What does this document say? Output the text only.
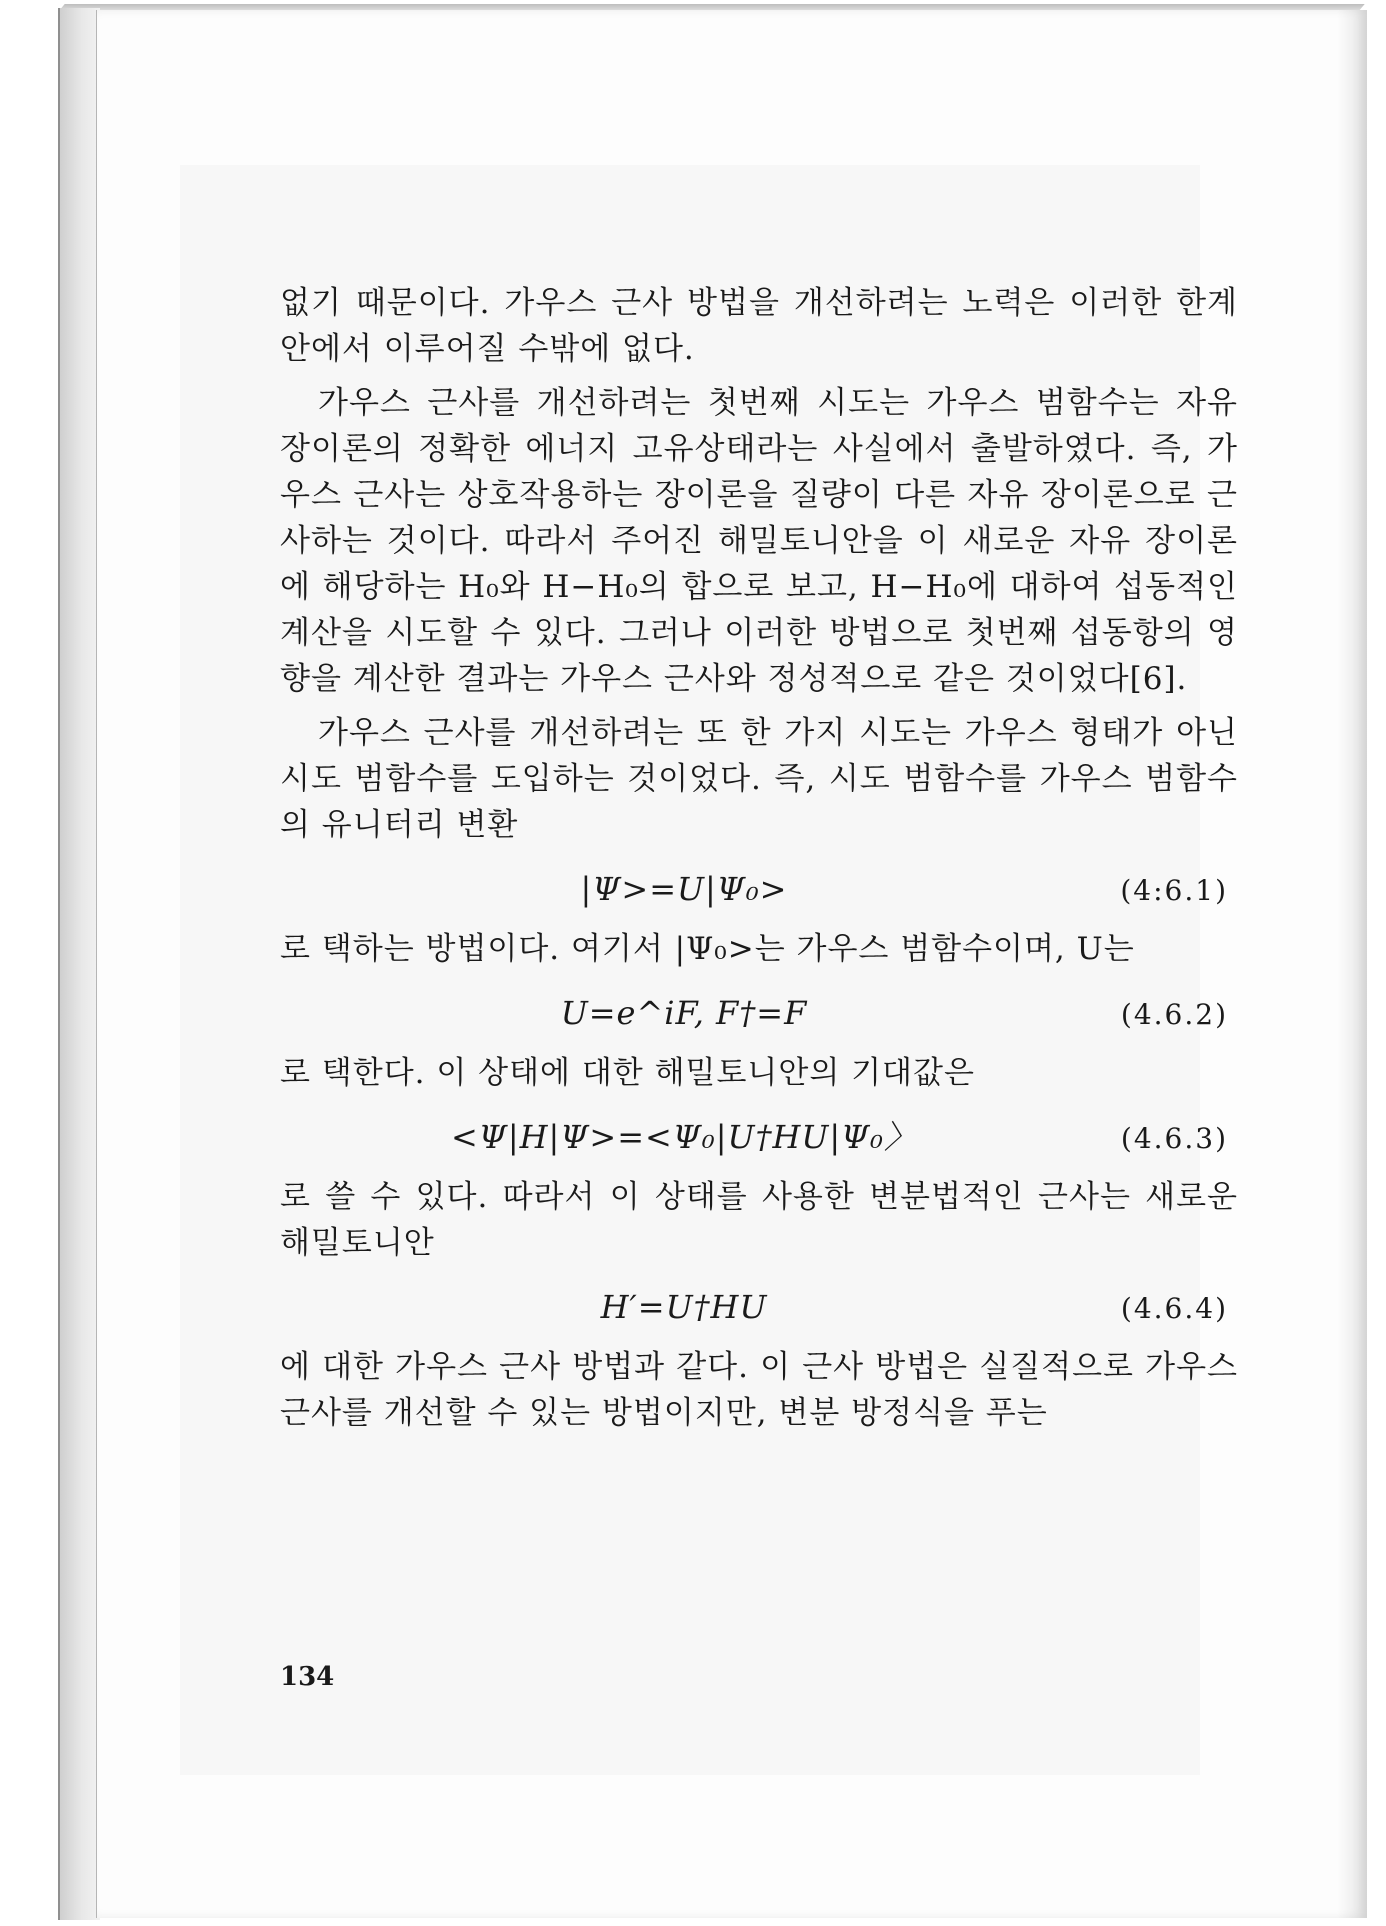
없기 때문이다. 가우스 근사 방법을 개선하려는 노력은 이러한 한계 안에서 이루어질 수밖에 없다.

가우스 근사를 개선하려는 첫번째 시도는 가우스 범함수는 자유 장이론의 정확한 에너지 고유상태라는 사실에서 출발하였다. 즉, 가우스 근사는 상호작용하는 장이론을 질량이 다른 자유 장이론으로 근사하는 것이다. 따라서 주어진 해밀토니안을 이 새로운 자유 장이론에 해당하는 H₀와 H−H₀의 합으로 보고, H−H₀에 대하여 섭동적인 계산을 시도할 수 있다. 그러나 이러한 방법으로 첫번째 섭동항의 영향을 계산한 결과는 가우스 근사와 정성적으로 같은 것이었다[6].

가우스 근사를 개선하려는 또 한 가지 시도는 가우스 형태가 아닌 시도 범함수를 도입하는 것이었다. 즉, 시도 범함수를 가우스 범함수의 유니터리 변환

|Ψ>=U|Ψ₀>	(4:6.1)

로 택하는 방법이다. 여기서 |Ψ₀>는 가우스 범함수이며, U는

U=e^iF, F†=F	(4.6.2)

로 택한다. 이 상태에 대한 해밀토니안의 기대값은

<Ψ|H|Ψ>=<Ψ₀|U†HU|Ψ₀〉	(4.6.3)

로 쓸 수 있다. 따라서 이 상태를 사용한 변분법적인 근사는 새로운 해밀토니안

H′=U†HU	(4.6.4)

에 대한 가우스 근사 방법과 같다. 이 근사 방법은 실질적으로 가우스 근사를 개선할 수 있는 방법이지만, 변분 방정식을 푸는

134
